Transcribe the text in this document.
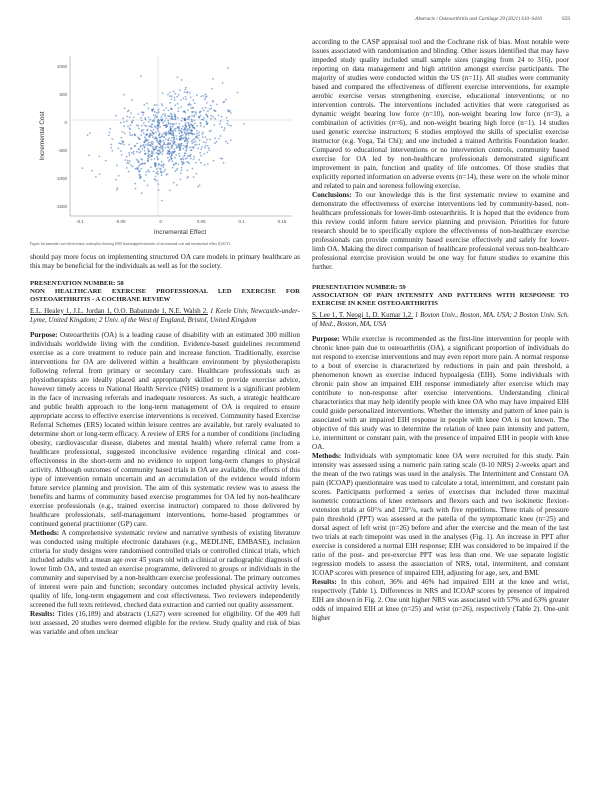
Abstracts / Osteoarthritis and Cartilage 29 (2021) S10–S410	S59
1000
500
0
-500
-1000
-1500
-0.1	-0.05	0	0.05	0.1	0.15
Incremental Cost
Incremental Effect
Figure. Incremental cost-effectiveness scatterplot showing 1000 bootstrapped estimates of incremental cost and incremental effect (QALY).

should pay more focus on implementing structured OA care models in primary healthcare as this may be beneficial for the individuals as well as for the society.

PRESENTATION NUMBER: 58

NON HEALTHCARE EXERCISE PROFESSIONAL LED EXERCISE FOR OSTEOARTHRITIS - A COCHRANE REVIEW

E.L. Healey 1, J.L. Jordan 1, O.O. Babatunde 1, N.E. Walsh 2. 1 Keele Univ, Newcastle-under-Lyme, United Kingdom; 2 Univ. of the West of England, Bristol, United Kingdom

Purpose: Osteoarthritis (OA) is a leading cause of disability with an estimated 300 million individuals worldwide living with the condition. Evidence-based guidelines recommend exercise as a core treatment to reduce pain and increase function. Traditionally, exercise interventions for OA are delivered within a healthcare environment by physiotherapists following referral from primary or secondary care. Healthcare professionals such as physiotherapists are ideally placed and appropriately skilled to provide exercise advice, however timely access to National Health Service (NHS) treatment is a significant problem in the face of increasing referrals and inadequate resources. As such, a strategic healthcare and public health approach to the long-term management of OA is required to ensure appropriate access to effective exercise interventions is received. Community based Exercise Referral Schemes (ERS) located within leisure centres are available, but rarely evaluated to determine short or long-term efficacy. A review of ERS for a number of conditions (including obesity, cardiovascular disease, diabetes and mental health) where referral came from a healthcare professional, suggested inconclusive evidence regarding clinical and cost-effectiveness in the short-term and no evidence to support long-term changes to physical activity. Although outcomes of community based trials in OA are available, the effects of this type of intervention remain uncertain and an accumulation of the evidence would inform future service planning and provision. The aim of this systematic review was to assess the benefits and harms of community based exercise programmes for OA led by non-healthcare exercise professionals (e.g., trained exercise instructor) compared to those delivered by healthcare professionals, self-management interventions, home-based programmes or continued general practitioner (GP) care.

Methods: A comprehensive systematic review and narrative synthesis of existing literature was conducted using multiple electronic databases (e.g., MEDLINE, EMBASE), inclusion criteria for study designs were randomised controlled trials or controlled clinical trials, which included adults with a mean age over 45 years old with a clinical or radiographic diagnosis of lower limb OA, and tested an exercise programme, delivered to groups or individuals in the community and supervised by a non-healthcare exercise professional. The primary outcomes of interest were pain and function; secondary outcomes included physical activity levels, quality of life, long-term engagement and cost effectiveness. Two reviewers independently screened the full texts retrieved, checked data extraction and carried out quality assessment.

Results: Titles (16,189) and abstracts (1,627) were screened for eligibility. Of the 409 full text assessed, 20 studies were deemed eligible for the review. Study quality and risk of bias was variable and often unclear

according to the CASP appraisal tool and the Cochrane risk of bias. Most notable were issues associated with randomisation and blinding. Other issues identified that may have impeded study quality included small sample sizes (ranging from 24 to 316), poor reporting on data management and high attrition amongst exercise participants. The majority of studies were conducted within the US (n=11). All studies were community based and compared the effectiveness of different exercise interventions, for example aerobic exercise versus strengthening exercise, educational interventions; or no intervention controls. The interventions included activities that were categorised as dynamic weight bearing low force (n=10), non-weight bearing low force (n=3), a combination of activities (n=6), and non-weight bearing high force (n=1). 14 studies used generic exercise instructors; 6 studies employed the skills of specialist exercise instructor (e.g. Yoga, Tai Chi); and one included a trained Arthritis Foundation leader. Compared to educational interventions or no intervention controls, community based exercise for OA led by non-healthcare professionals demonstrated significant improvement in pain, function and quality of life outcomes. Of those studies that explicitly reported information on adverse events (n=14), these were on the whole minor and related to pain and soreness following exercise.

Conclusions: To our knowledge this is the first systematic review to examine and demonstrate the effectiveness of exercise interventions led by community-based, non-healthcare professionals for lower-limb osteoarthritis. It is hoped that the evidence from this review could inform future service planning and provision. Priorities for future research should be to specifically explore the effectiveness of non-healthcare exercise professionals can provide community based exercise effectively and safely for lower-limb OA. Making the direct comparison of healthcare professional versus non-healthcare professional exercise provision would be one way for future studies to examine this further.

PRESENTATION NUMBER: 59

ASSOCIATION OF PAIN INTENSITY AND PATTERNS WITH RESPONSE TO EXERCISE IN KNEE OSTEOARTHRITIS

S. Lee 1, T. Neogi 1, D. Kumar 1,2. 1 Boston Univ., Boston, MA, USA; 2 Boston Univ. Sch. of Med., Boston, MA, USA

Purpose: While exercise is recommended as the first-line intervention for people with chronic knee pain due to osteoarthritis (OA), a significant proportion of individuals do not respond to exercise interventions and may even report more pain. A normal response to a bout of exercise is characterized by reductions in pain and pain threshold, a phenomenon known as exercise induced hypoalgesia (EIH). Some individuals with chronic pain show an impaired EIH response immediately after exercise which may contribute to non-response after exercise interventions. Understanding clinical characteristics that may help identify people with knee OA who may have impaired EIH could guide personalized interventions. Whether the intensity and pattern of knee pain is associated with an impaired EIH response in people with knee OA is not known. The objective of this study was to determine the relation of knee pain intensity and pattern, i.e. intermittent or constant pain, with the presence of impaired EIH in people with knee OA.

Methods: Individuals with symptomatic knee OA were recruited for this study. Pain intensity was assessed using a numeric pain rating scale (0-10 NRS) 2-weeks apart and the mean of the two ratings was used in the analysis. The Intermittent and Constant OA pain (ICOAP) questionnaire was used to calculate a total, intermittent, and constant pain scores. Participants performed a series of exercises that included three maximal isometric contractions of knee extensors and flexors each and two isokinetic flexion-extension trials at 60°/s and 120°/s, each with five repetitions. Three trials of pressure pain threshold (PPT) was assessed at the patella of the symptomatic knee (n=25) and dorsal aspect of left wrist (n=26) before and after the exercise and the mean of the last two trials at each timepoint was used in the analyses (Fig. 1). An increase in PPT after exercise is considered a normal EIH response; EIH was considered to be impaired if the ratio of the post- and pre-exercise PPT was less than one. We use separate logistic regression models to assess the association of NRS, total, intermittent, and constant ICOAP scores with presence of impaired EIH, adjusting for age, sex, and BMI.

Results: In this cohort, 36% and 46% had impaired EIH at the knee and wrist, respectively (Table 1). Differences in NRS and ICOAP scores by presence of impaired EIH are shown in Fig. 2. One unit higher NRS was associated with 57% and 63% greater odds of impaired EIH at knee (n=25) and wrist (n=26), respectively (Table 2). One-unit higher
